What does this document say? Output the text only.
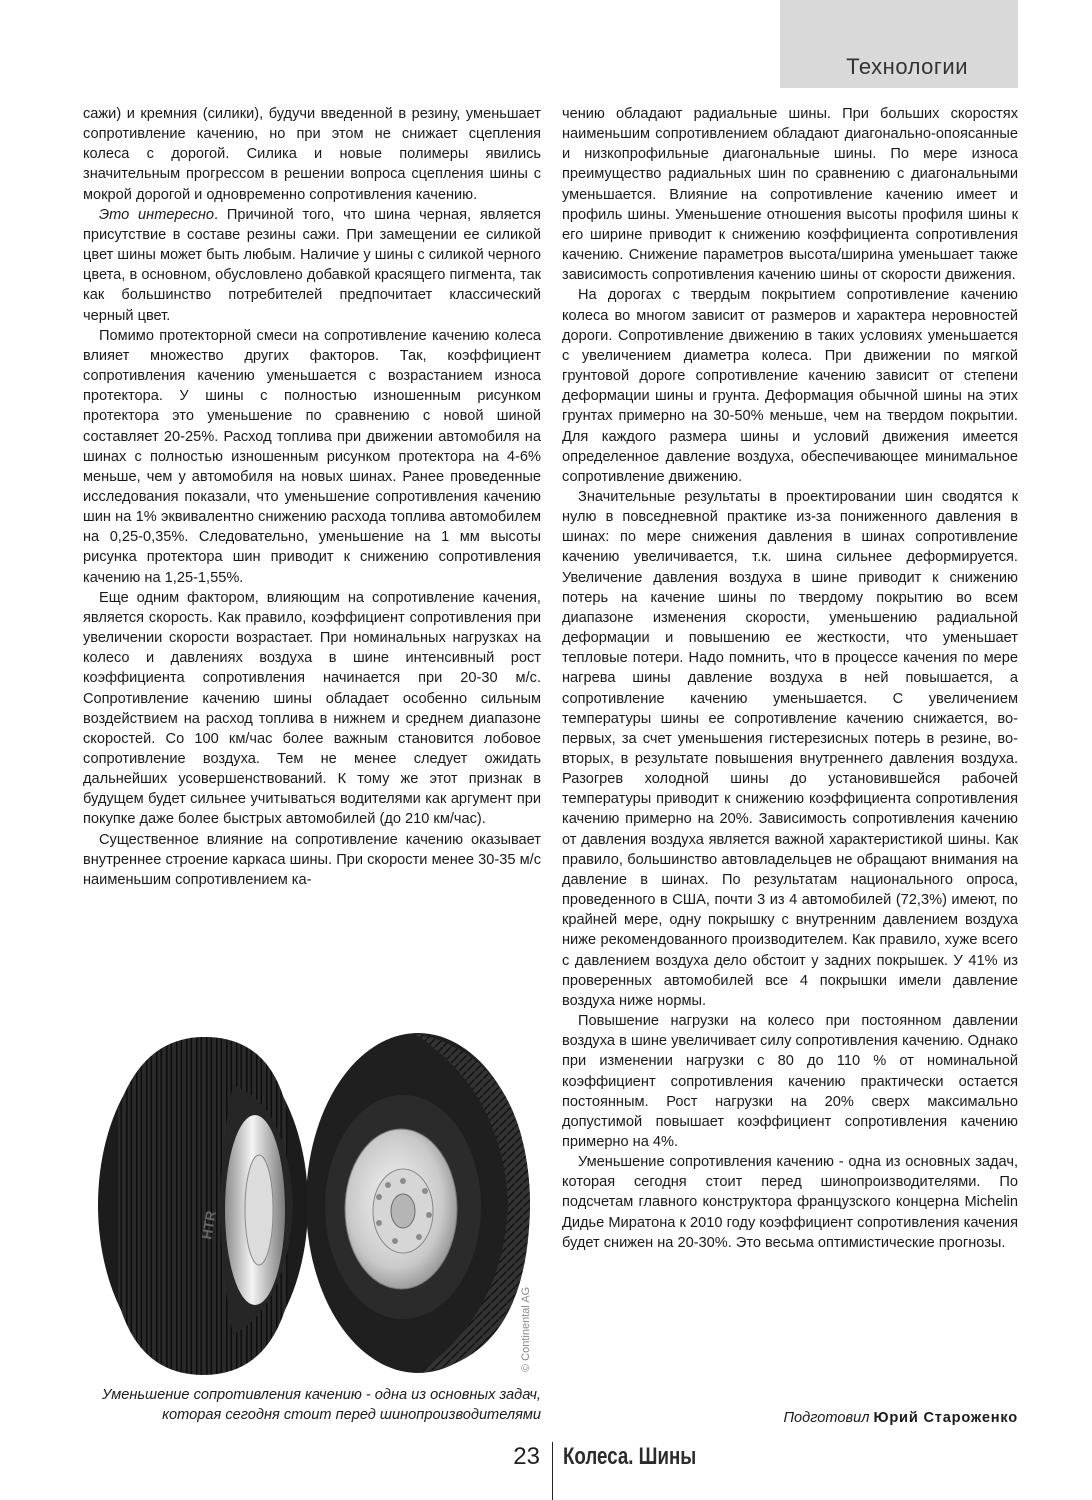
Технологии

сажи) и кремния (силики), будучи введенной в резину, уменьшает сопротивление качению, но при этом не снижает сцепления колеса с дорогой. Силика и новые полимеры явились значительным прогрессом в решении вопроса сцепления шины с мокрой дорогой и одновременно сопротивления качению.

Это интересно. Причиной того, что шина черная, является присутствие в составе резины сажи. При замещении ее силикой цвет шины может быть любым. Наличие у шины с силикой черного цвета, в основном, обусловлено добавкой красящего пигмента, так как большинство потребителей предпочитает классический черный цвет.

Помимо протекторной смеси на сопротивление качению колеса влияет множество других факторов. Так, коэффициент сопротивления качению уменьшается с возрастанием износа протектора. У шины с полностью изношенным рисунком протектора это уменьшение по сравнению с новой шиной составляет 20-25%. Расход топлива при движении автомобиля на шинах с полностью изношенным рисунком протектора на 4-6% меньше, чем у автомобиля на новых шинах. Ранее проведенные исследования показали, что уменьшение сопротивления качению шин на 1% эквивалентно снижению расхода топлива автомобилем на 0,25-0,35%. Следовательно, уменьшение на 1 мм высоты рисунка протектора шин приводит к снижению сопротивления качению на 1,25-1,55%.

Еще одним фактором, влияющим на сопротивление качения, является скорость. Как правило, коэффициент сопротивления при увеличении скорости возрастает. При номинальных нагрузках на колесо и давлениях воздуха в шине интенсивный рост коэффициента сопротивления начинается при 20-30 м/с. Сопротивление качению шины обладает особенно сильным воздействием на расход топлива в нижнем и среднем диапазоне скоростей. Со 100 км/час более важным становится лобовое сопротивление воздуха. Тем не менее следует ожидать дальнейших усовершенствований. К тому же этот признак в будущем будет сильнее учитываться водителями как аргумент при покупке даже более быстрых автомобилей (до 210 км/час).

Существенное влияние на сопротивление качению оказывает внутреннее строение каркаса шины. При скорости менее 30-35 м/с наименьшим сопротивлением ка-

чению обладают радиальные шины. При больших скоростях наименьшим сопротивлением обладают диагонально-опоясанные и низкопрофильные диагональные шины. По мере износа преимущество радиальных шин по сравнению с диагональными уменьшается. Влияние на сопротивление качению имеет и профиль шины. Уменьшение отношения высоты профиля шины к его ширине приводит к снижению коэффициента сопротивления качению. Снижение параметров высота/ширина уменьшает также зависимость сопротивления качению шины от скорости движения.

На дорогах с твердым покрытием сопротивление качению колеса во многом зависит от размеров и характера неровностей дороги. Сопротивление движению в таких условиях уменьшается с увеличением диаметра колеса. При движении по мягкой грунтовой дороге сопротивление качению зависит от степени деформации шины и грунта. Деформация обычной шины на этих грунтах примерно на 30-50% меньше, чем на твердом покрытии. Для каждого размера шины и условий движения имеется определенное давление воздуха, обеспечивающее минимальное сопротивление движению.

Значительные результаты в проектировании шин сводятся к нулю в повседневной практике из-за пониженного давления в шинах: по мере снижения давления в шинах сопротивление качению увеличивается, т.к. шина сильнее деформируется. Увеличение давления воздуха в шине приводит к снижению потерь на качение шины по твердому покрытию во всем диапазоне изменения скорости, уменьшению радиальной деформации и повышению ее жесткости, что уменьшает тепловые потери. Надо помнить, что в процессе качения по мере нагрева шины давление воздуха в ней повышается, а сопротивление качению уменьшается. С увеличением температуры шины ее сопротивление качению снижается, во-первых, за счет уменьшения гистерезисных потерь в резине, во-вторых, в результате повышения внутреннего давления воздуха. Разогрев холодной шины до установившейся рабочей температуры приводит к снижению коэффициента сопротивления качению примерно на 20%. Зависимость сопротивления качению от давления воздуха является важной характеристикой шины. Как правило, большинство автовладельцев не обращают внимания на давление в шинах. По результатам национального опроса, проведенного в США, почти 3 из 4 автомобилей (72,3%) имеют, по крайней мере, одну покрышку с внутренним давлением воздуха ниже рекомендованного производителем. Как правило, хуже всего с давлением воздуха дело обстоит у задних покрышек. У 41% из проверенных автомобилей все 4 покрышки имели давление воздуха ниже нормы.

Повышение нагрузки на колесо при постоянном давлении воздуха в шине увеличивает силу сопротивления качению. Однако при изменении нагрузки с 80 до 110 % от номинальной коэффициент сопротивления качению практически остается постоянным. Рост нагрузки на 20% сверх максимально допустимой повышает коэффициент сопротивления качению примерно на 4%.

Уменьшение сопротивления качению - одна из основных задач, которая сегодня стоит перед шинопроизводителями. По подсчетам главного конструктора французского концерна Michelin Дидье Миратона к 2010 году коэффициент сопротивления качения будет снижен на 20-30%. Это весьма оптимистические прогнозы.

HTR
© Continental AG
Уменьшение сопротивления качению - одна из основных задач, которая сегодня стоит перед шинопроизводителями	Подготовил Юрий Староженко
23 Колеса. Шины
